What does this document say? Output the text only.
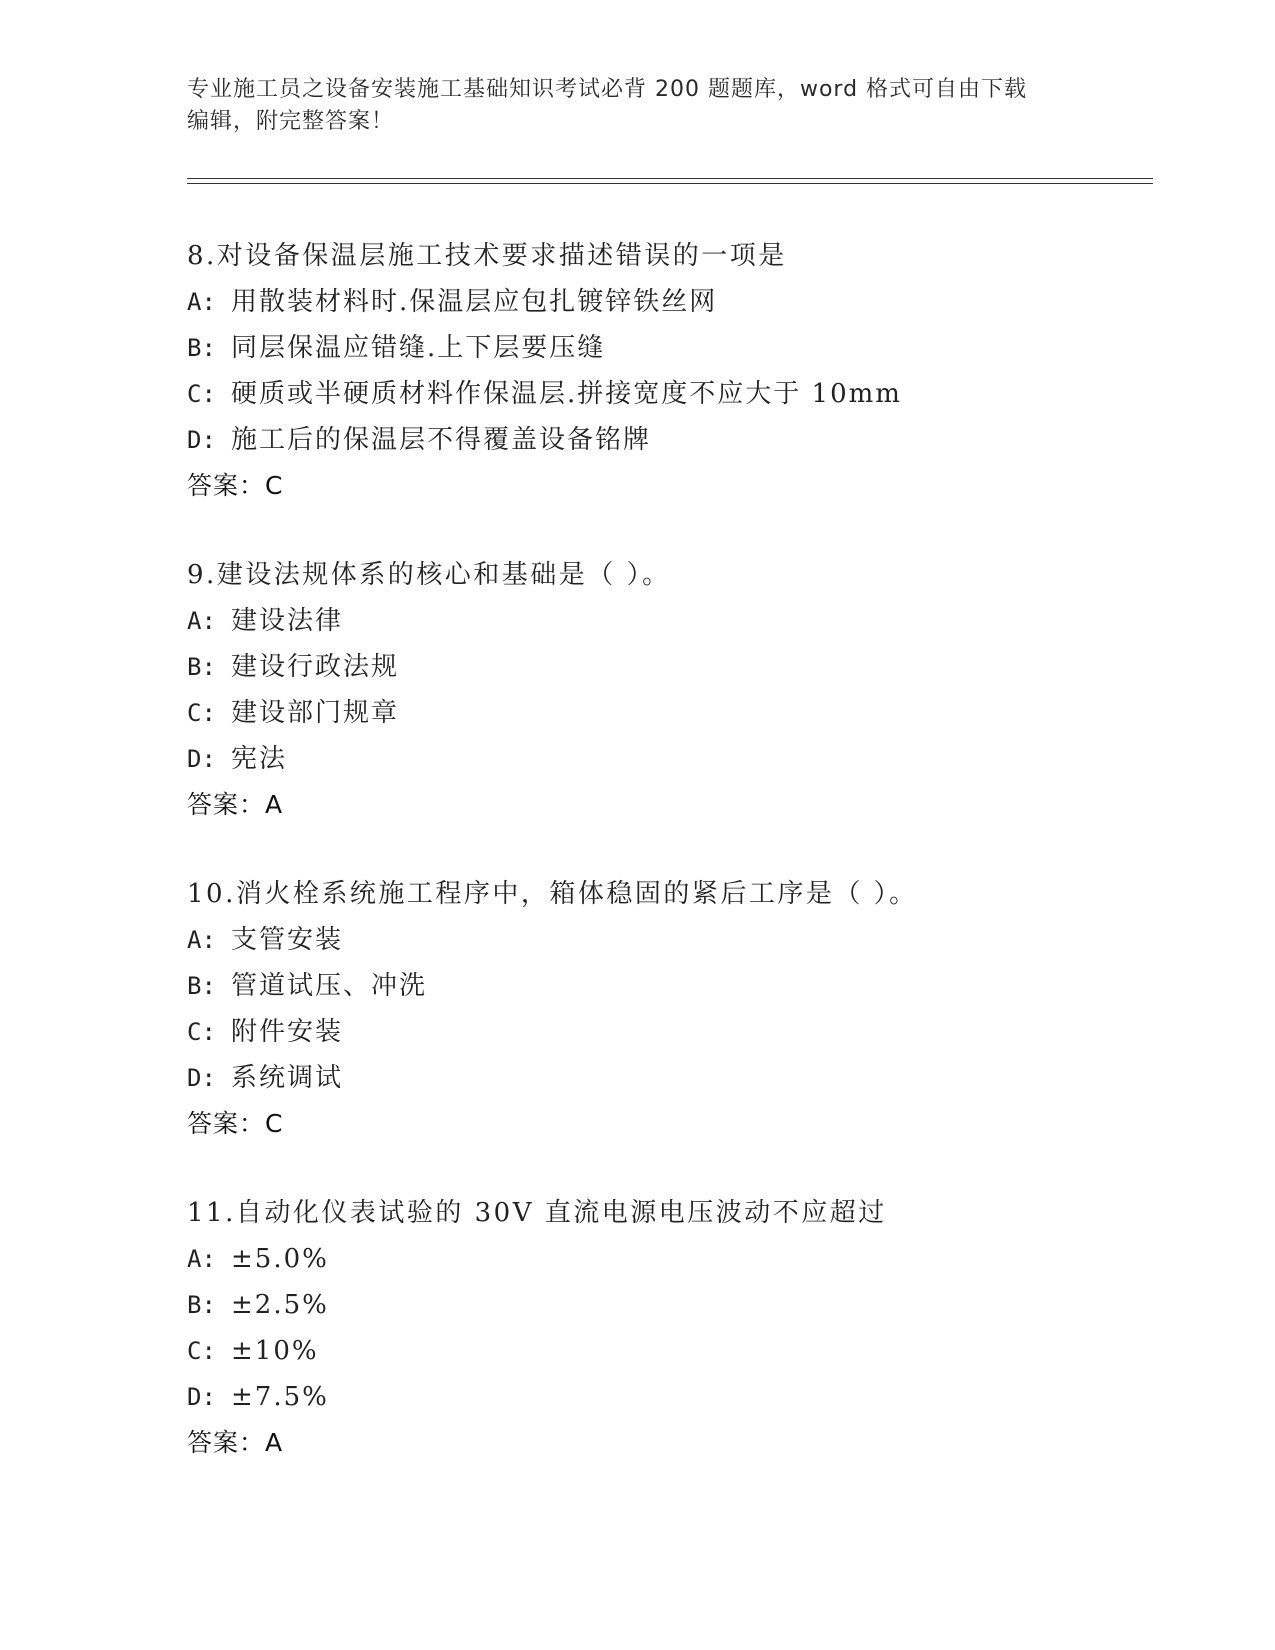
专业施工员之设备安装施工基础知识考试必背 200 题题库，word 格式可自由下载
编辑，附完整答案！
8.对设备保温层施工技术要求描述错误的一项是
A: 用散装材料时.保温层应包扎镀锌铁丝网
B: 同层保温应错缝.上下层要压缝
C: 硬质或半硬质材料作保温层.拼接宽度不应大于 10mm
D: 施工后的保温层不得覆盖设备铭牌
答案：C
9.建设法规体系的核心和基础是（ ）。
A: 建设法律
B: 建设行政法规
C: 建设部门规章
D: 宪法
答案：A
10.消火栓系统施工程序中，箱体稳固的紧后工序是（ ）。
A: 支管安装
B: 管道试压、冲洗
C: 附件安装
D: 系统调试
答案：C
11.自动化仪表试验的 30V 直流电源电压波动不应超过
A: ±5.0%
B: ±2.5%
C: ±10%
D: ±7.5%
答案：A
